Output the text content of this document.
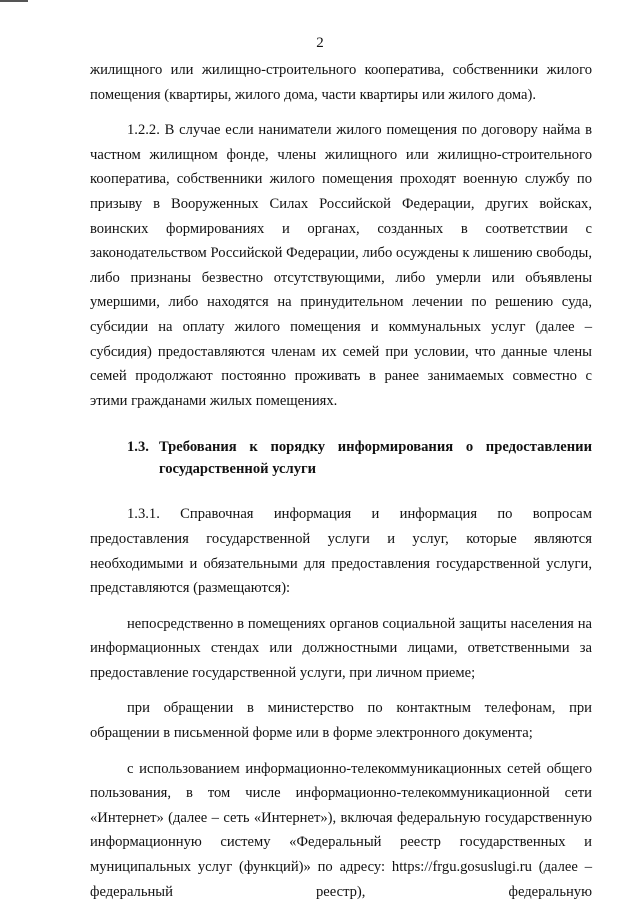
2

жилищного или жилищно-строительного кооператива, собственники жилого помещения (квартиры, жилого дома, части квартиры или жилого дома).

1.2.2. В случае если наниматели жилого помещения по договору найма в частном жилищном фонде, члены жилищного или жилищно-строительного кооператива, собственники жилого помещения проходят военную службу по призыву в Вооруженных Силах Российской Федерации, других войсках, воинских формированиях и органах, созданных в соответствии с законодательством Российской Федерации, либо осуждены к лишению свободы, либо признаны безвестно отсутствующими, либо умерли или объявлены умершими, либо находятся на принудительном лечении по решению суда, субсидии на оплату жилого помещения и коммунальных услуг (далее – субсидия) предоставляются членам их семей при условии, что данные члены семей продолжают постоянно проживать в ранее занимаемых совместно с этими гражданами жилых помещениях.

1.3. Требования к порядку информирования о предоставлении государственной услуги

1.3.1. Справочная информация и информация по вопросам предоставления государственной услуги и услуг, которые являются необходимыми и обязательными для предоставления государственной услуги, представляются (размещаются):

непосредственно в помещениях органов социальной защиты населения на информационных стендах или должностными лицами, ответственными за предоставление государственной услуги, при личном приеме;

при обращении в министерство по контактным телефонам, при обращении в письменной форме или в форме электронного документа;

с использованием информационно-телекоммуникационных сетей общего пользования, в том числе информационно-телекоммуникационной сети «Интернет» (далее – сеть «Интернет»), включая федеральную государственную информационную систему «Федеральный реестр государственных и муниципальных услуг (функций)» по адресу: https://frgu.gosuslugi.ru (далее – федеральный реестр), федеральную
